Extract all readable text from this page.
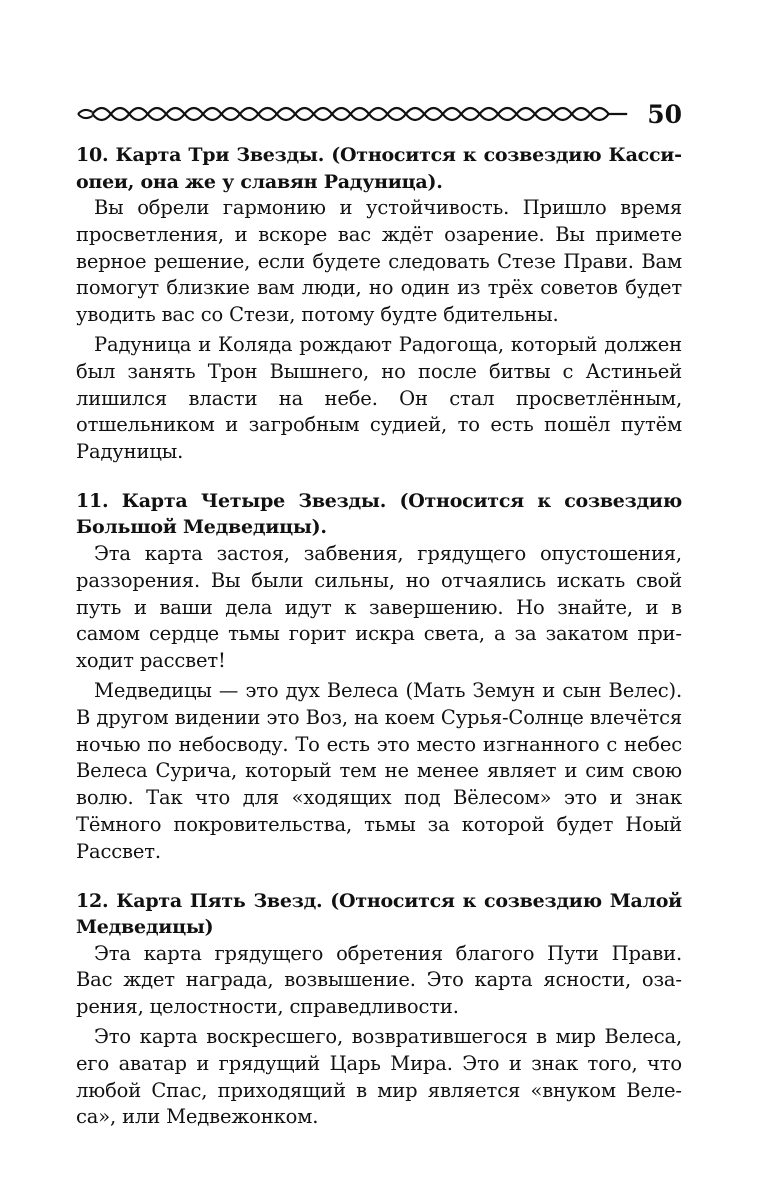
50

10. Карта Три Звезды. (Относится к созвездию Кассиопеи, она же у славян Радуница).

Вы обрели гармонию и устойчивость. Пришло время просветления, и вскоре вас ждёт озарение. Вы примете верное решение, если будете следовать Стезе Прави. Вам помогут близкие вам люди, но один из трёх советов будет уводить вас со Стези, потому будте бдительны.

Радуница и Коляда рождают Радогоща, который должен был занять Трон Вышнего, но после битвы с Астиньей лишился власти на небе. Он стал просветлённым, отшельником и загробным судией, то есть пошёл путём Радуницы.

11. Карта Четыре Звезды. (Относится к созвездию Большой Медведицы).

Эта карта застоя, забвения, грядущего опустошения, раззорения. Вы были сильны, но отчаялись искать свой путь и ваши дела идут к завершению. Но знайте, и в самом сердце тьмы горит искра света, а за закатом приходит рассвет!

Медведицы — это дух Велеса (Мать Земун и сын Велес). В другом видении это Воз, на коем Сурья-Солнце влечётся ночью по небосводу. То есть это место изгнанного с небес Велеса Сурича, который тем не менее являет и сим свою волю. Так что для «ходящих под Вёлесом» это и знак Тёмного покровительства, тьмы за которой будет Ноый Рассвет.

12. Карта Пять Звезд. (Относится к созвездию Малой Медведицы)

Эта карта грядущего обретения благого Пути Прави. Вас ждет награда, возвышение. Это карта ясности, озарения, целостности, справедливости.

Это карта воскресшего, возвратившегося в мир Велеса, его аватар и грядущий Царь Мира. Это и знак того, что любой Спас, приходящий в мир является «внуком Велеса», или Медвежонком.
